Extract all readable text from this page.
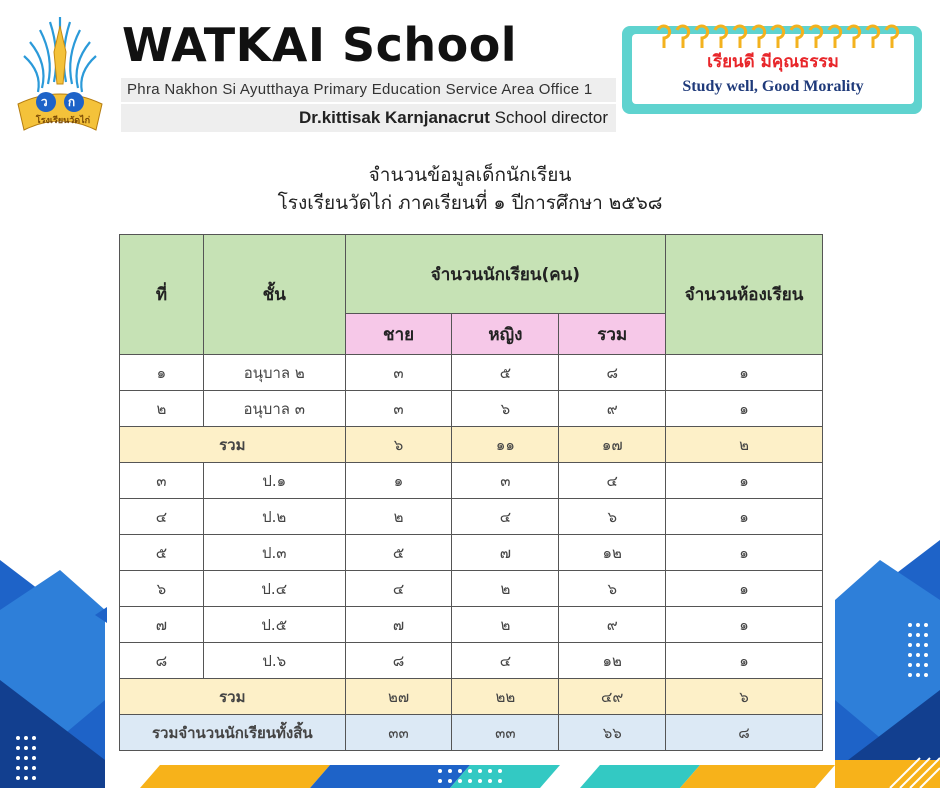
ว ก
โรงเรียนวัดไก่
WATKAI School
Phra Nakhon Si Ayutthaya Primary Education Service Area Office 1
Dr.kittisak Karnjanacrut School director
เรียนดี มีคุณธรรม
Study well, Good Morality
จำนวนข้อมูลเด็กนักเรียน
โรงเรียนวัดไก่ ภาคเรียนที่ ๑ ปีการศึกษา ๒๕๖๘
ที่	ชั้น	จำนวนนักเรียน(คน)			จำนวนห้องเรียน
		ชาย	หญิง	รวม	
๑	อนุบาล ๒	๓	๕	๘	๑
๒	อนุบาล ๓	๓	๖	๙	๑
รวม		๖	๑๑	๑๗	๒
๓	ป.๑	๑	๓	๔	๑
๔	ป.๒	๒	๔	๖	๑
๕	ป.๓	๕	๗	๑๒	๑
๖	ป.๔	๔	๒	๖	๑
๗	ป.๕	๗	๒	๙	๑
๘	ป.๖	๘	๔	๑๒	๑
รวม		๒๗	๒๒	๔๙	๖
รวมจำนวนนักเรียนทั้งสิ้น		๓๓	๓๓	๖๖	๘
